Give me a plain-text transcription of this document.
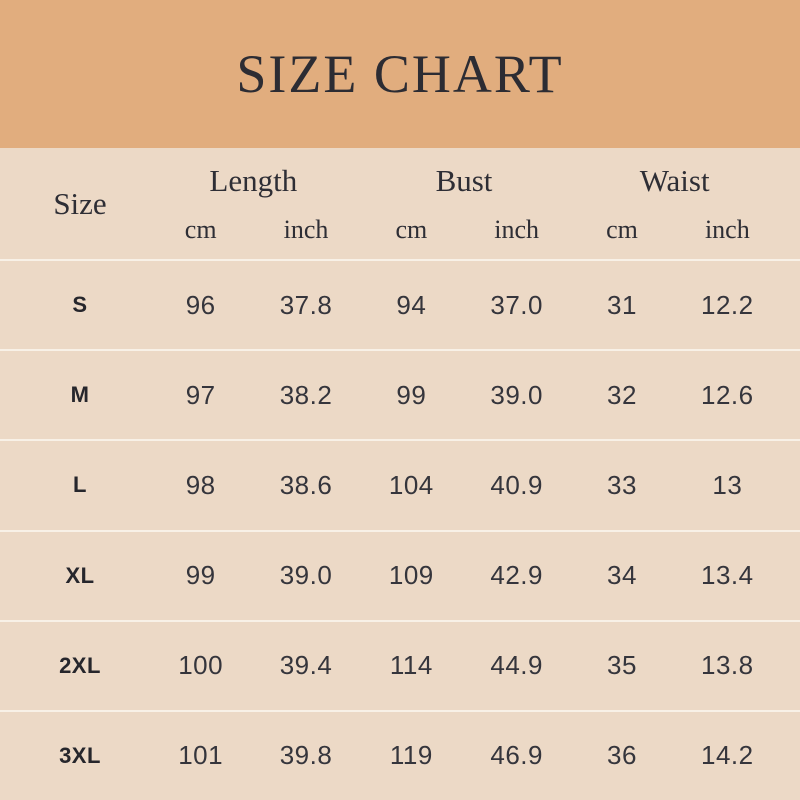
SIZE CHART
Size
Length	Bust	Waist
cm	inch	cm	inch	cm	inch
S	96	37.8	94	37.0	31	12.2
M	97	38.2	99	39.0	32	12.6
L	98	38.6	104	40.9	33	13
XL	99	39.0	109	42.9	34	13.4
2XL	100	39.4	114	44.9	35	13.8
3XL	101	39.8	119	46.9	36	14.2
